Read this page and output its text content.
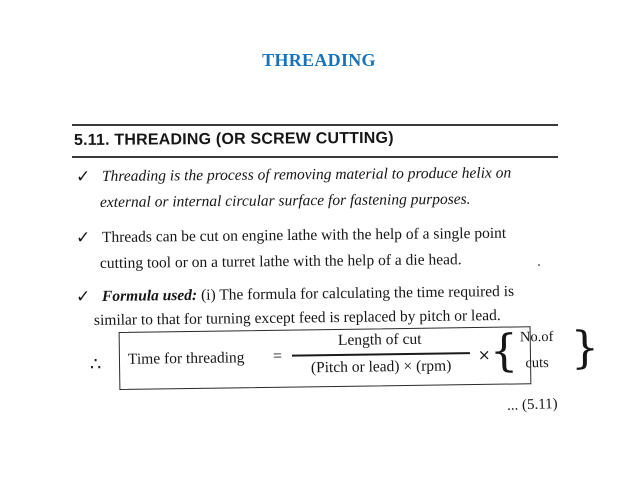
THREADING
5.11. THREADING (OR SCREW CUTTING)
✓ Threading is the process of removing material to produce helix on
external or internal circular surface for fastening purposes.
✓ Threads can be cut on engine lathe with the help of a single point
cutting tool or on a turret lathe with the help of a die head.
✓ Formula used: (i) The formula for calculating the time required is
similar to that for turning except feed is replaced by pitch or lead.
∴ Time for threading =
Length of cut
(Pitch or lead) × (rpm)
×
{ No.of
cuts }
... (5.11)
